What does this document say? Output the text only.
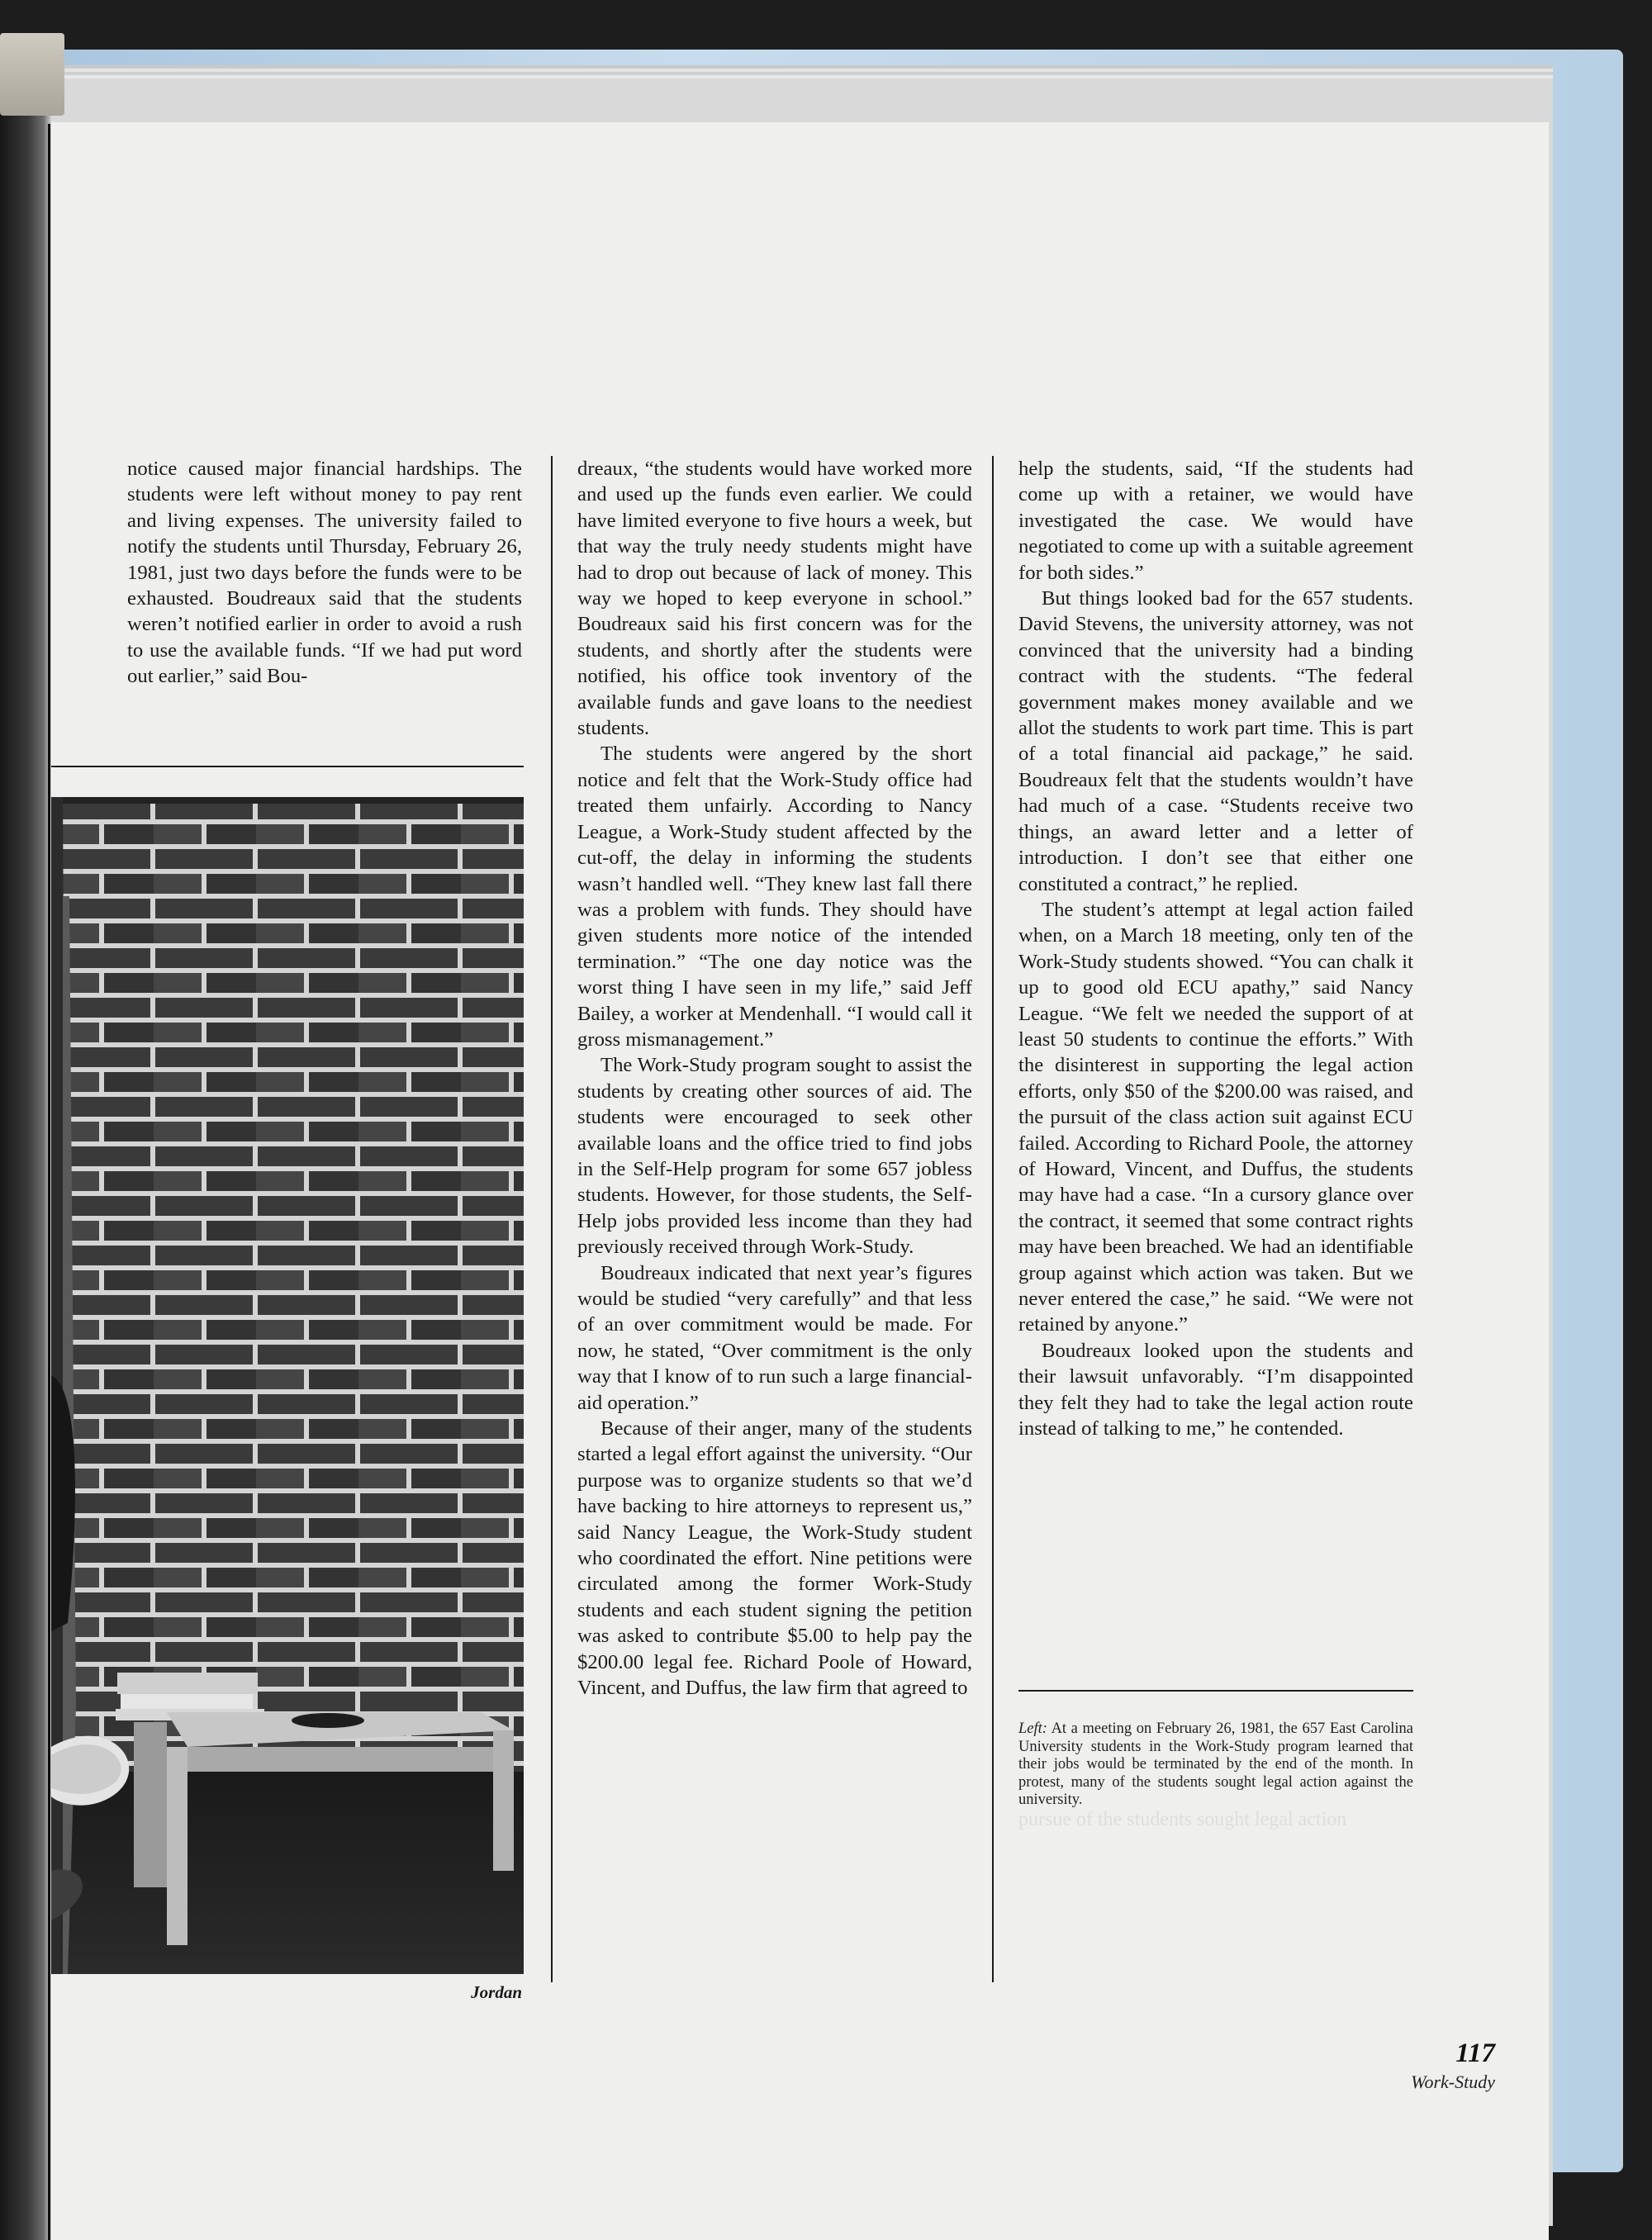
pursue of the students sought legal action

notice caused major financial hardships. The students were left without money to pay rent and living expenses. The university failed to notify the students until Thursday, February 26, 1981, just two days before the funds were to be exhausted. Boudreaux said that the students weren’t notified earlier in order to avoid a rush to use the available funds. “If we had put word out earlier,” said Bou-

Jordan

dreaux, “the students would have worked more and used up the funds even earlier. We could have limited everyone to five hours a week, but that way the truly needy students might have had to drop out because of lack of money. This way we hoped to keep everyone in school.” Boudreaux said his first concern was for the students, and shortly after the students were notified, his office took inventory of the available funds and gave loans to the neediest students.

The students were angered by the short notice and felt that the Work-Study office had treated them unfairly. According to Nancy League, a Work-Study student affected by the cut-off, the delay in informing the students wasn’t handled well. “They knew last fall there was a problem with funds. They should have given students more notice of the intended termination.” “The one day notice was the worst thing I have seen in my life,” said Jeff Bailey, a worker at Mendenhall. “I would call it gross mismanagement.”

The Work-Study program sought to assist the students by creating other sources of aid. The students were encouraged to seek other available loans and the office tried to find jobs in the Self-Help program for some 657 jobless students. However, for those students, the Self-Help jobs provided less income than they had previously received through Work-Study.

Boudreaux indicated that next year’s figures would be studied “very carefully” and that less of an over commitment would be made. For now, he stated, “Over commitment is the only way that I know of to run such a large financial-aid operation.”

Because of their anger, many of the students started a legal effort against the university. “Our purpose was to organize students so that we’d have backing to hire attorneys to represent us,” said Nancy League, the Work-Study student who coordinated the effort. Nine petitions were circulated among the former Work-Study students and each student signing the petition was asked to contribute $5.00 to help pay the $200.00 legal fee. Richard Poole of Howard, Vincent, and Duffus, the law firm that agreed to

help the students, said, “If the students had come up with a retainer, we would have investigated the case. We would have negotiated to come up with a suitable agreement for both sides.”

But things looked bad for the 657 students. David Stevens, the university attorney, was not convinced that the university had a binding contract with the students. “The federal government makes money available and we allot the students to work part time. This is part of a total financial aid package,” he said. Boudreaux felt that the students wouldn’t have had much of a case. “Students receive two things, an award letter and a letter of introduction. I don’t see that either one constituted a contract,” he replied.

The student’s attempt at legal action failed when, on a March 18 meeting, only ten of the Work-Study students showed. “You can chalk it up to good old ECU apathy,” said Nancy League. “We felt we needed the support of at least 50 students to continue the efforts.” With the disinterest in supporting the legal action efforts, only $50 of the $200.00 was raised, and the pursuit of the class action suit against ECU failed. According to Richard Poole, the attorney of Howard, Vincent, and Duffus, the students may have had a case. “In a cursory glance over the contract, it seemed that some contract rights may have been breached. We had an identifiable group against which action was taken. But we never entered the case,” he said. “We were not retained by anyone.”

Boudreaux looked upon the students and their lawsuit unfavorably. “I’m disappointed they felt they had to take the legal action route instead of talking to me,” he contended.

Left: At a meeting on February 26, 1981, the 657 East Carolina University students in the Work-Study program learned that their jobs would be terminated by the end of the month. In protest, many of the students sought legal action against the university.
117
Work-Study
